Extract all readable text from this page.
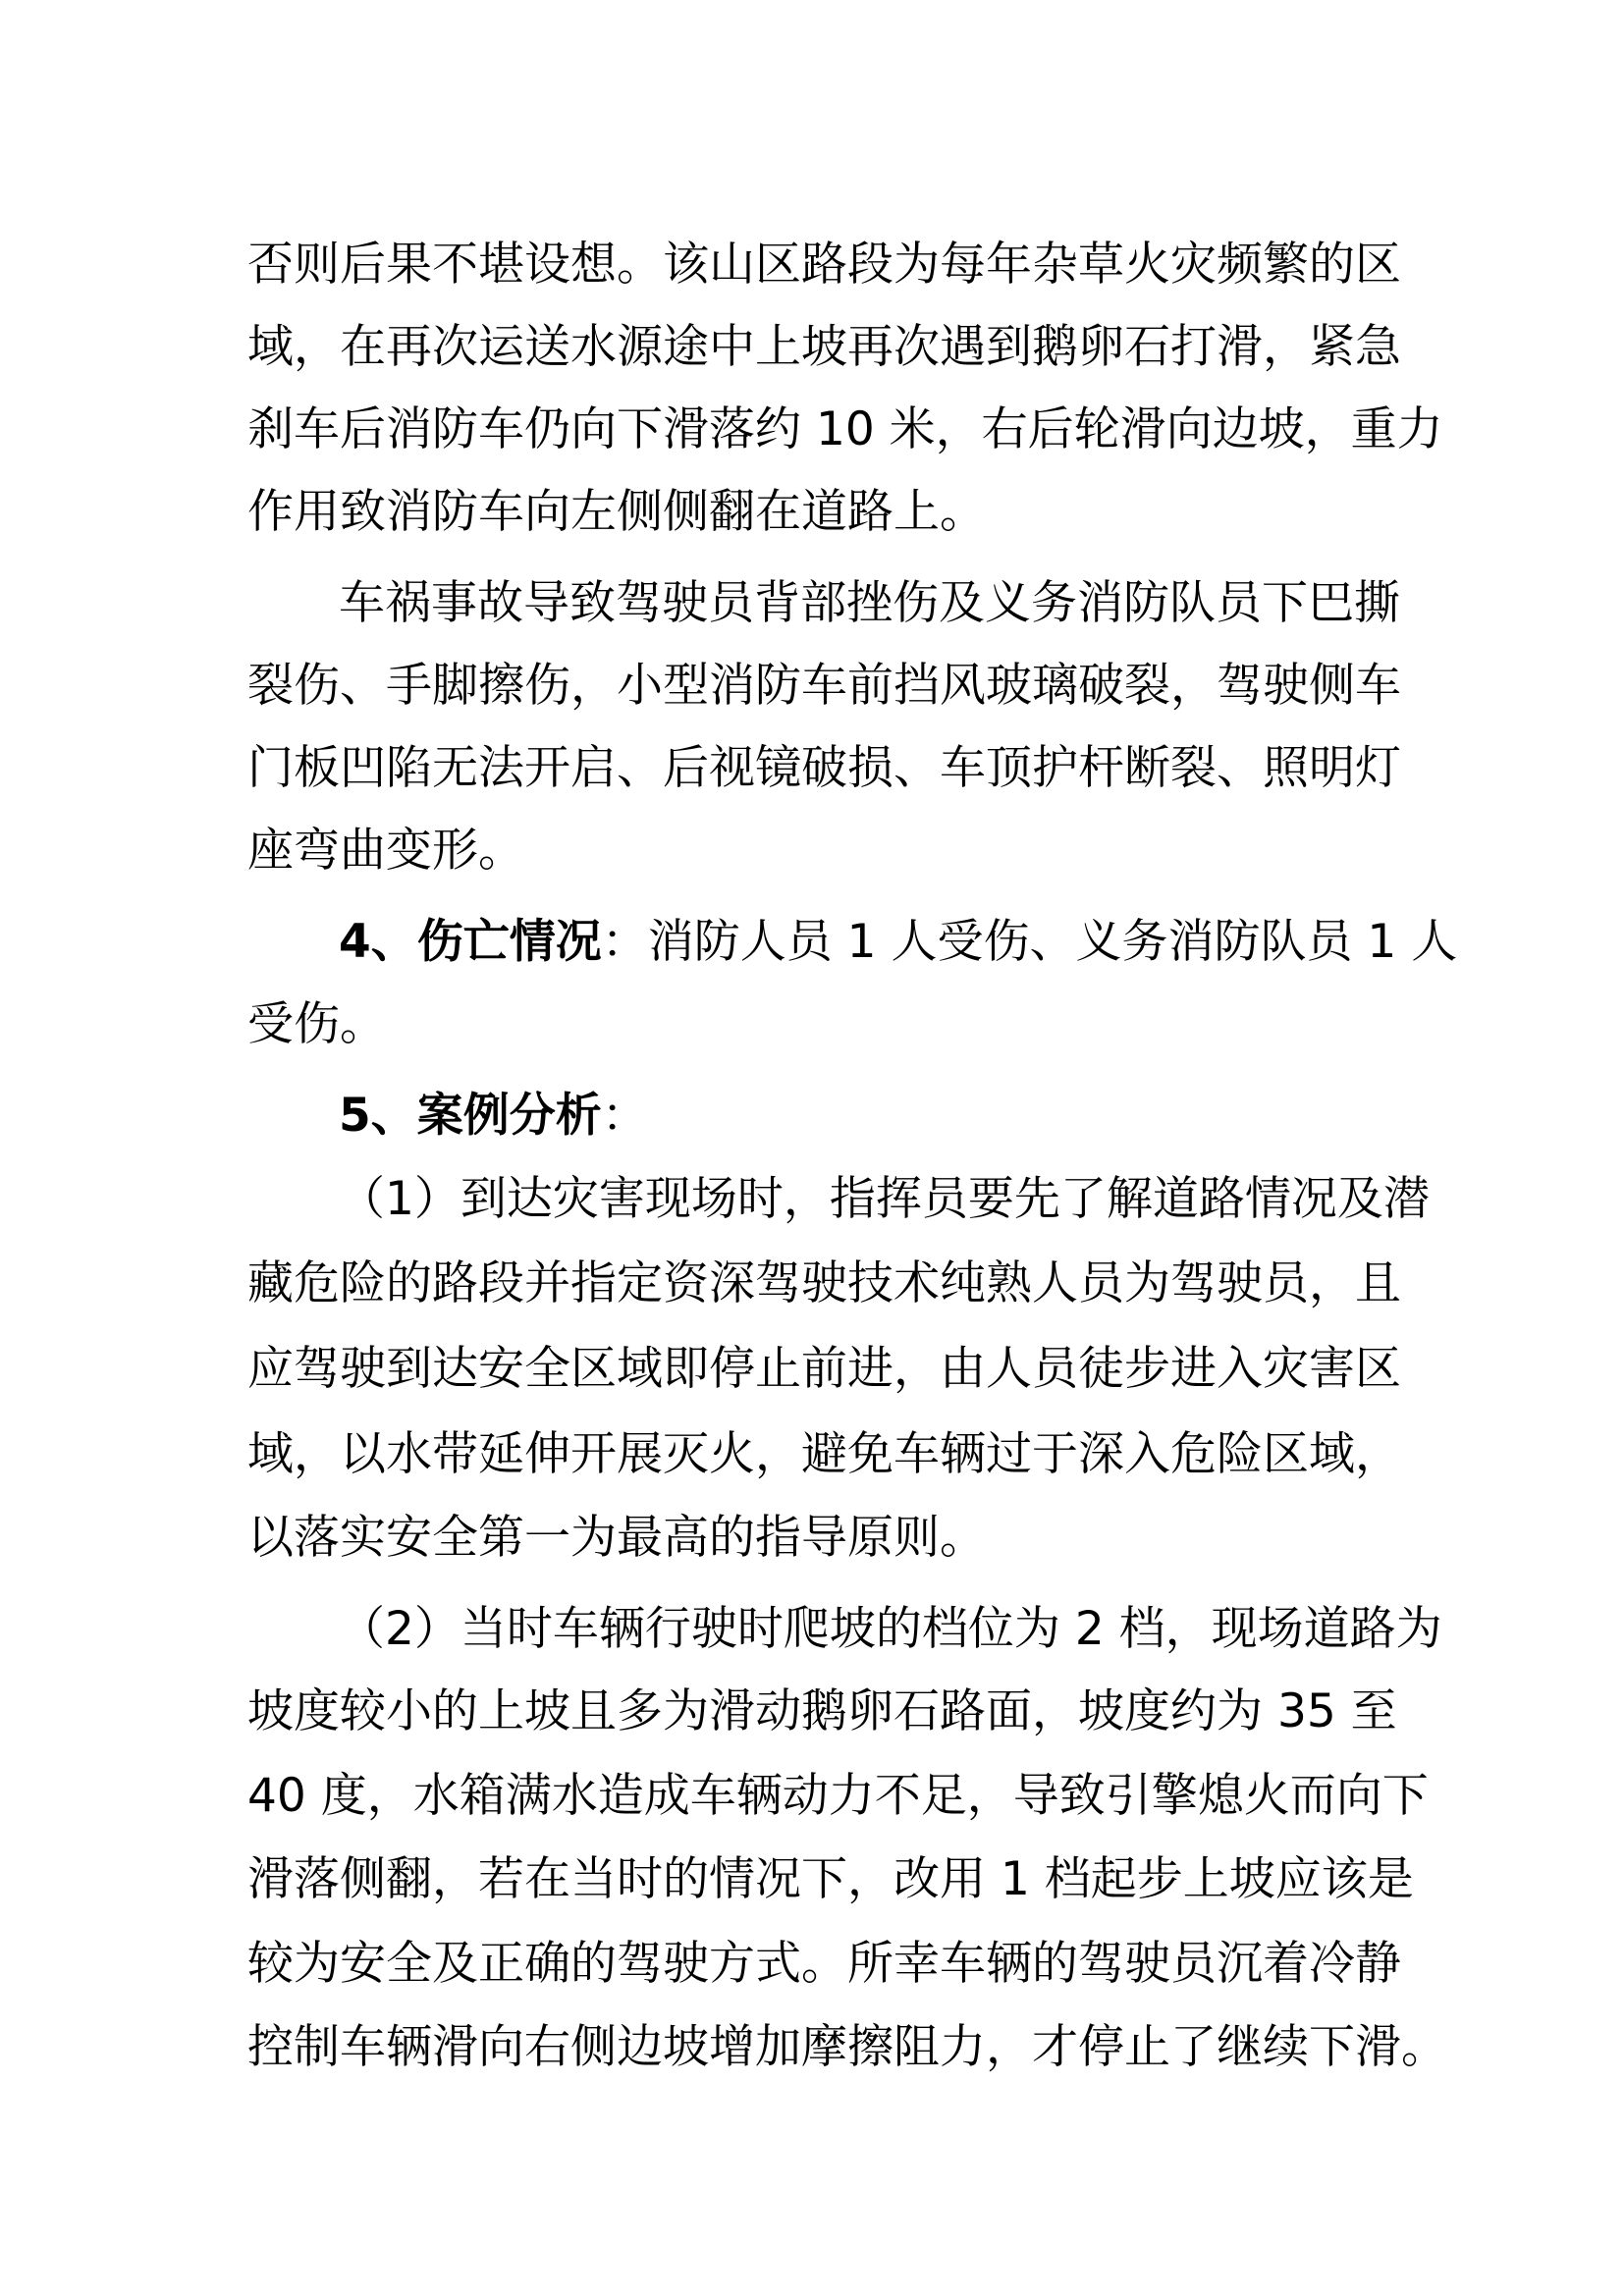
否则后果不堪设想。该山区路段为每年杂草火灾频繁的区
域，在再次运送水源途中上坡再次遇到鹅卵石打滑，紧急
刹车后消防车仍向下滑落约 10 米，右后轮滑向边坡，重力
作用致消防车向左侧侧翻在道路上。
车祸事故导致驾驶员背部挫伤及义务消防队员下巴撕
裂伤、手脚擦伤，小型消防车前挡风玻璃破裂，驾驶侧车
门板凹陷无法开启、后视镜破损、车顶护杆断裂、照明灯
座弯曲变形。
4、伤亡情况：消防人员 1 人受伤、义务消防队员 1 人
受伤。
5、案例分析：
（1）到达灾害现场时，指挥员要先了解道路情况及潜
藏危险的路段并指定资深驾驶技术纯熟人员为驾驶员，且
应驾驶到达安全区域即停止前进，由人员徒步进入灾害区
域，以水带延伸开展灭火，避免车辆过于深入危险区域，
以落实安全第一为最高的指导原则。
（2）当时车辆行驶时爬坡的档位为 2 档，现场道路为
坡度较小的上坡且多为滑动鹅卵石路面，坡度约为 35 至
40 度，水箱满水造成车辆动力不足，导致引擎熄火而向下
滑落侧翻，若在当时的情况下，改用 1 档起步上坡应该是
较为安全及正确的驾驶方式。所幸车辆的驾驶员沉着冷静
控制车辆滑向右侧边坡增加摩擦阻力，才停止了继续下滑。
